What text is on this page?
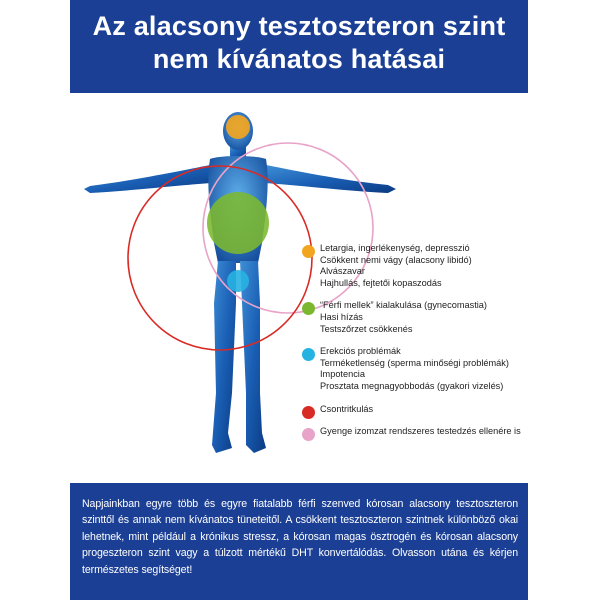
Az alacsony tesztoszteron szint
nem kívánatos hatásai
Letargia, ingerlékenység, depresszió
Csökkent nemi vágy (alacsony libidó)
Alvászavar
Hajhullás, fejtetői kopaszodás
“Férfi mellek” kialakulása (gynecomastia)
Hasi hízás
Testszőrzet csökkenés
Erekciós problémák
Terméketlenség (sperma minőségi problémák)
Impotencia
Prosztata megnagyobbodás (gyakori vizelés)
Csontritkulás
Gyenge izomzat rendszeres testedzés ellenére is
Napjainkban egyre több és egyre fiatalabb férfi szenved kórosan alacsony tesztoszteron szinttől és annak nem kívánatos tüneteitől. A csökkent tesztoszteron szintnek különböző okai lehetnek, mint például a krónikus stressz, a kórosan magas ösztrogén és kórosan alacsony progeszteron szint vagy a túlzott mértékű DHT konvertálódás. Olvasson utána és kérjen természetes segítséget!
